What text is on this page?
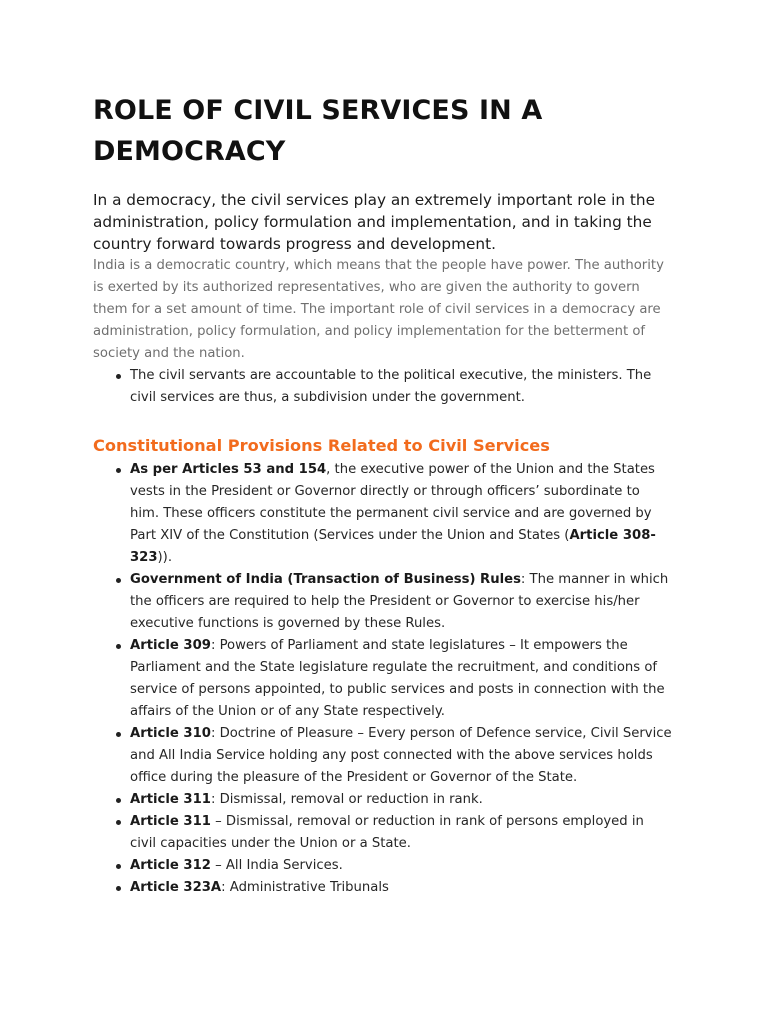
ROLE OF CIVIL SERVICES IN A DEMOCRACY

In a democracy, the civil services play an extremely important role in the administration, policy formulation and implementation, and in taking the country forward towards progress and development.

India is a democratic country, which means that the people have power. The authority is exerted by its authorized representatives, who are given the authority to govern them for a set amount of time. The important role of civil services in a democracy are administration, policy formulation, and policy implementation for the betterment of society and the nation.

The civil servants are accountable to the political executive, the ministers. The civil services are thus, a subdivision under the government.
Constitutional Provisions Related to Civil Services
As per Articles 53 and 154, the executive power of the Union and the States vests in the President or Governor directly or through officers’ subordinate to him. These officers constitute the permanent civil service and are governed by Part XIV of the Constitution (Services under the Union and States (Article 308-323)).
Government of India (Transaction of Business) Rules: The manner in which the officers are required to help the President or Governor to exercise his/her executive functions is governed by these Rules.
Article 309: Powers of Parliament and state legislatures – It empowers the Parliament and the State legislature regulate the recruitment, and conditions of service of persons appointed, to public services and posts in connection with the affairs of the Union or of any State respectively.
Article 310: Doctrine of Pleasure – Every person of Defence service, Civil Service and All India Service holding any post connected with the above services holds office during the pleasure of the President or Governor of the State.
Article 311: Dismissal, removal or reduction in rank.
Article 311 – Dismissal, removal or reduction in rank of persons employed in civil capacities under the Union or a State.
Article 312 – All India Services.
Article 323A: Administrative Tribunals
